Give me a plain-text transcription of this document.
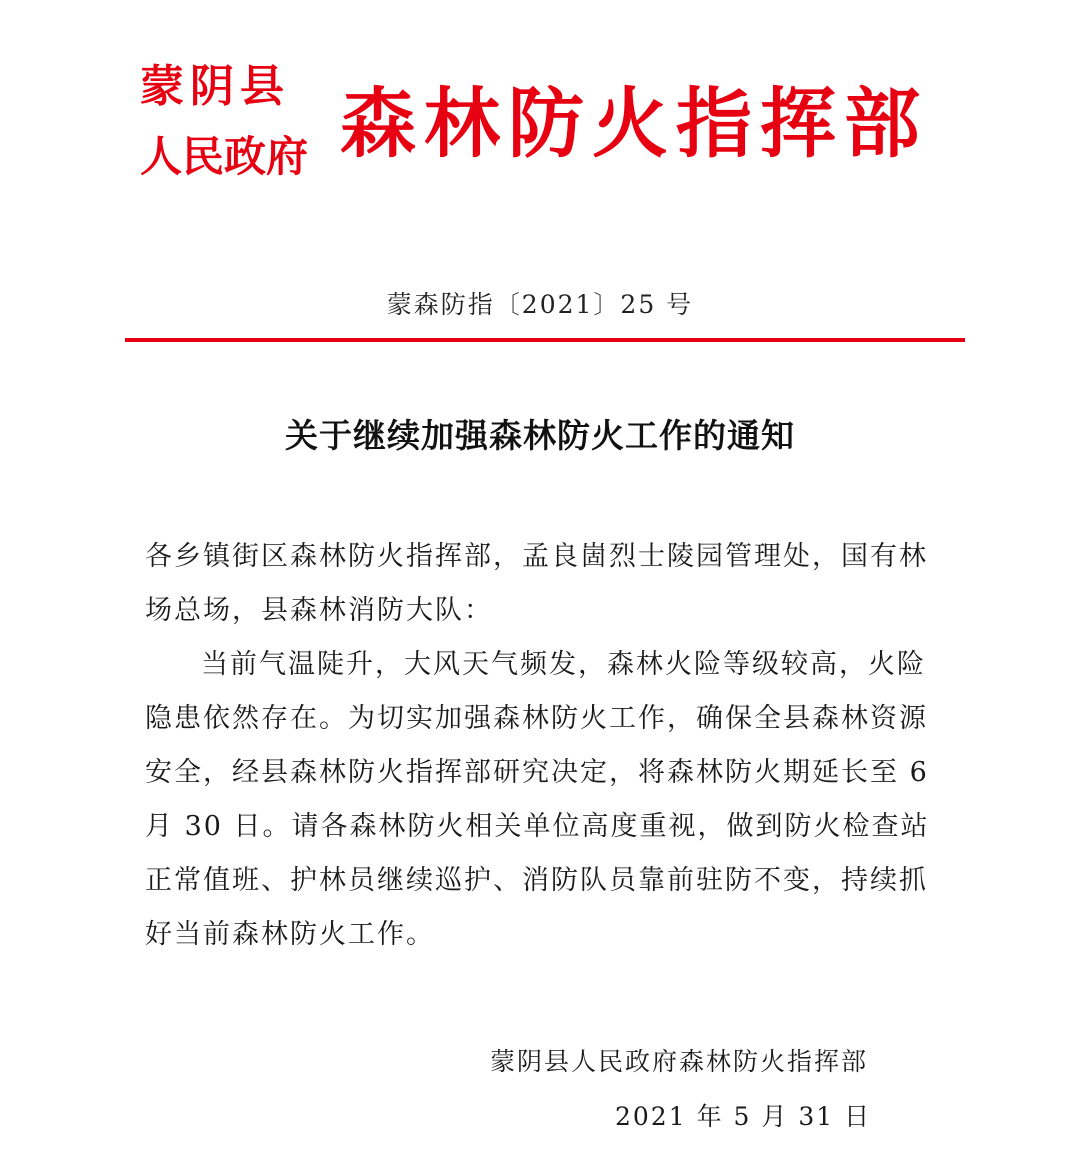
蒙阴县
人民政府 森林防火指挥部
蒙森防指〔2021〕25 号
关于继续加强森林防火工作的通知

各乡镇街区森林防火指挥部，孟良崮烈士陵园管理处，国有林场总场，县森林消防大队：

当前气温陡升，大风天气频发，森林火险等级较高，火险隐患依然存在。为切实加强森林防火工作，确保全县森林资源安全，经县森林防火指挥部研究决定，将森林防火期延长至 6 月 30 日。请各森林防火相关单位高度重视，做到防火检查站正常值班、护林员继续巡护、消防队员靠前驻防不变，持续抓好当前森林防火工作。

蒙阴县人民政府森林防火指挥部
2021 年 5 月 31 日
